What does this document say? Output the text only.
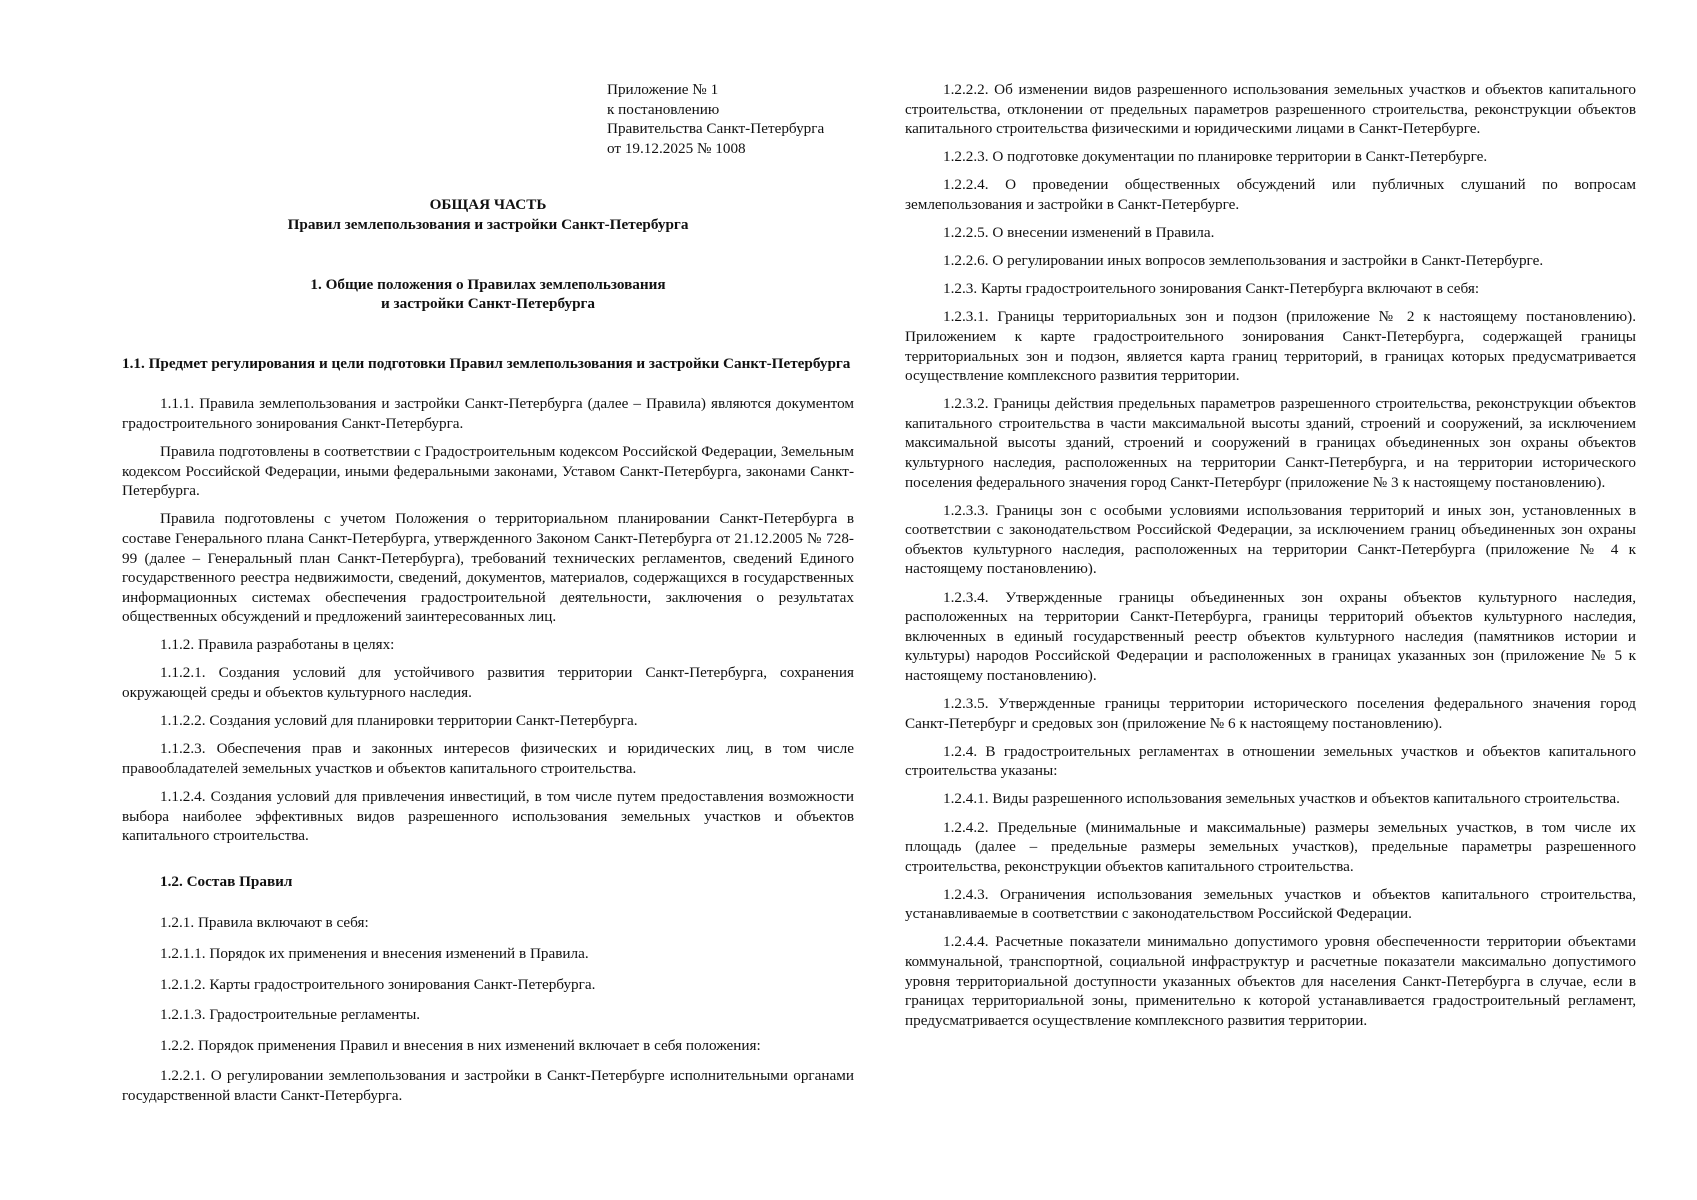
Приложение № 1
к постановлению
Правительства Санкт-Петербурга
от 19.12.2025 № 1008

ОБЩАЯ ЧАСТЬ

Правил землепользования и застройки Санкт-Петербурга

1. Общие положения о Правилах землепользования

и застройки Санкт-Петербурга

1.1. Предмет регулирования и цели подготовки Правил землепользования и застройки Санкт-Петербурга

1.1.1. Правила землепользования и застройки Санкт-Петербурга (далее – Правила) являются документом градостроительного зонирования Санкт-Петербурга.

Правила подготовлены в соответствии с Градостроительным кодексом Российской Федерации, Земельным кодексом Российской Федерации, иными федеральными законами, Уставом Санкт-Петербурга, законами Санкт-Петербурга.

Правила подготовлены с учетом Положения о территориальном планировании Санкт-Петербурга в составе Генерального плана Санкт-Петербурга, утвержденного Законом Санкт-Петербурга от 21.12.2005 № 728-99 (далее – Генеральный план Санкт-Петербурга), требований технических регламентов, сведений Единого государственного реестра недвижимости, сведений, документов, материалов, содержащихся в государственных информационных системах обеспечения градостроительной деятельности, заключения о результатах общественных обсуждений и предложений заинтересованных лиц.

1.1.2. Правила разработаны в целях:

1.1.2.1. Создания условий для устойчивого развития территории Санкт-Петербурга, сохранения окружающей среды и объектов культурного наследия.

1.1.2.2. Создания условий для планировки территории Санкт-Петербурга.

1.1.2.3. Обеспечения прав и законных интересов физических и юридических лиц, в том числе правообладателей земельных участков и объектов капитального строительства.

1.1.2.4. Создания условий для привлечения инвестиций, в том числе путем предоставления возможности выбора наиболее эффективных видов разрешенного использования земельных участков и объектов капитального строительства.

1.2. Состав Правил

1.2.1. Правила включают в себя:

1.2.1.1. Порядок их применения и внесения изменений в Правила.

1.2.1.2. Карты градостроительного зонирования Санкт-Петербурга.

1.2.1.3. Градостроительные регламенты.

1.2.2. Порядок применения Правил и внесения в них изменений включает в себя положения:

1.2.2.1. О регулировании землепользования и застройки в Санкт-Петербурге исполнительными органами государственной власти Санкт-Петербурга.

1.2.2.2. Об изменении видов разрешенного использования земельных участков и объектов капитального строительства, отклонении от предельных параметров разрешенного строительства, реконструкции объектов капитального строительства физическими и юридическими лицами в Санкт-Петербурге.

1.2.2.3. О подготовке документации по планировке территории в Санкт-Петербурге.

1.2.2.4. О проведении общественных обсуждений или публичных слушаний по вопросам землепользования и застройки в Санкт-Петербурге.

1.2.2.5. О внесении изменений в Правила.

1.2.2.6. О регулировании иных вопросов землепользования и застройки в Санкт-Петербурге.

1.2.3. Карты градостроительного зонирования Санкт-Петербурга включают в себя:

1.2.3.1. Границы территориальных зон и подзон (приложение № 2 к настоящему постановлению). Приложением к карте градостроительного зонирования Санкт-Петербурга, содержащей границы территориальных зон и подзон, является карта границ территорий, в границах которых предусматривается осуществление комплексного развития территории.

1.2.3.2. Границы действия предельных параметров разрешенного строительства, реконструкции объектов капитального строительства в части максимальной высоты зданий, строений и сооружений, за исключением максимальной высоты зданий, строений и сооружений в границах объединенных зон охраны объектов культурного наследия, расположенных на территории Санкт-Петербурга, и на территории исторического поселения федерального значения город Санкт-Петербург (приложение № 3 к настоящему постановлению).

1.2.3.3. Границы зон с особыми условиями использования территорий и иных зон, установленных в соответствии с законодательством Российской Федерации, за исключением границ объединенных зон охраны объектов культурного наследия, расположенных на территории Санкт-Петербурга (приложение № 4 к настоящему постановлению).

1.2.3.4. Утвержденные границы объединенных зон охраны объектов культурного наследия, расположенных на территории Санкт-Петербурга, границы территорий объектов культурного наследия, включенных в единый государственный реестр объектов культурного наследия (памятников истории и культуры) народов Российской Федерации и расположенных в границах указанных зон (приложение № 5 к настоящему постановлению).

1.2.3.5. Утвержденные границы территории исторического поселения федерального значения город Санкт-Петербург и средовых зон (приложение № 6 к настоящему постановлению).

1.2.4. В градостроительных регламентах в отношении земельных участков и объектов капитального строительства указаны:

1.2.4.1. Виды разрешенного использования земельных участков и объектов капитального строительства.

1.2.4.2. Предельные (минимальные и максимальные) размеры земельных участков, в том числе их площадь (далее – предельные размеры земельных участков), предельные параметры разрешенного строительства, реконструкции объектов капитального строительства.

1.2.4.3. Ограничения использования земельных участков и объектов капитального строительства, устанавливаемые в соответствии с законодательством Российской Федерации.

1.2.4.4. Расчетные показатели минимально допустимого уровня обеспеченности территории объектами коммунальной, транспортной, социальной инфраструктур и расчетные показатели максимально допустимого уровня территориальной доступности указанных объектов для населения Санкт-Петербурга в случае, если в границах территориальной зоны, применительно к которой устанавливается градостроительный регламент, предусматривается осуществление комплексного развития территории.
